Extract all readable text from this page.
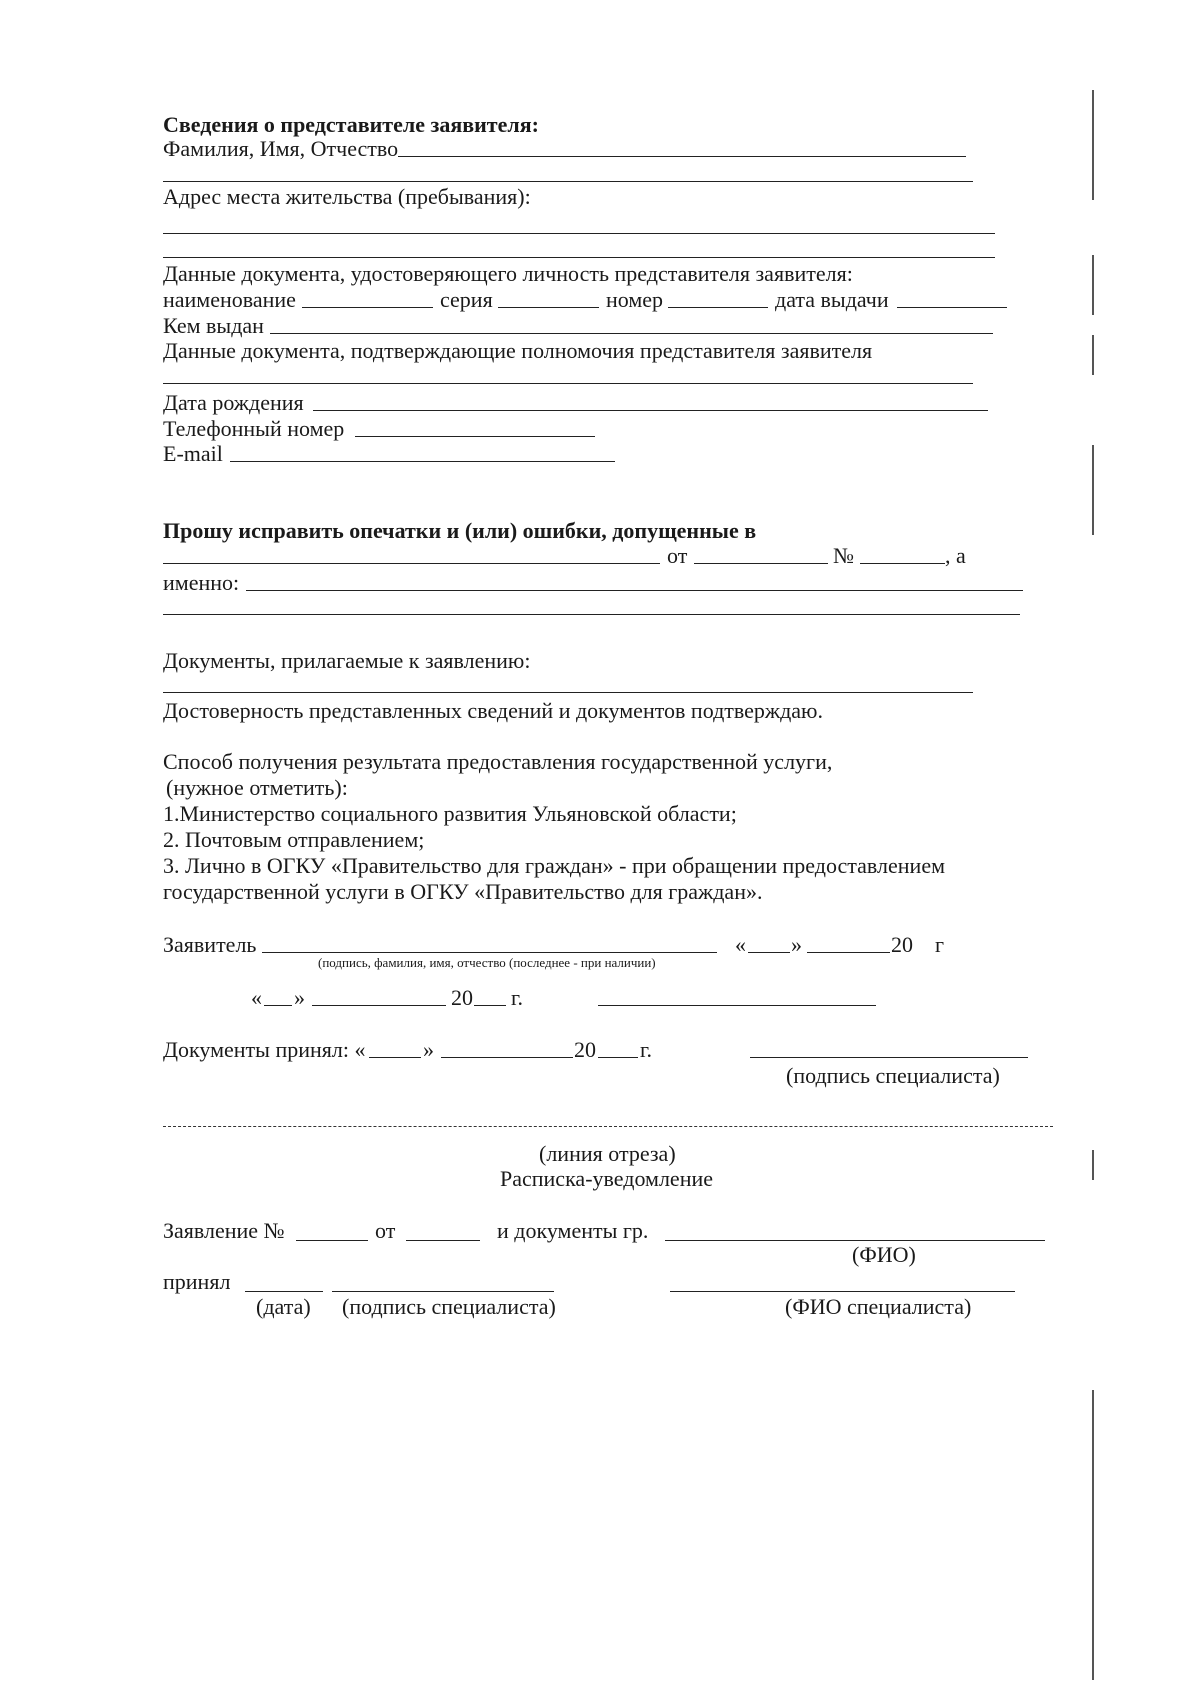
Сведения о представителе заявителя:
Фамилия, Имя, Отчество
Адрес места жительства (пребывания):
Данные документа, удостоверяющего личность представителя заявителя:
наименование	серия	номер	дата выдачи
Кем выдан
Данные документа, подтверждающие полномочия представителя заявителя
Дата рождения
Телефонный номер
E-mail
Прошу исправить опечатки и (или) ошибки, допущенные в
от	№	, а
именно:
Документы, прилагаемые к заявлению:
Достоверность представленных сведений и документов подтверждаю.
Способ получения результата предоставления государственной услуги,
(нужное отметить):
1.Министерство социального развития Ульяновской области;
2. Почтовым отправлением;
3. Лично в ОГКУ «Правительство для граждан» - при обращении предоставлением
государственной услуги в ОГКУ «Правительство для граждан».
Заявитель
(подпись, фамилия, имя, отчество (последнее - при наличии)
« »	20 г
« »	20 г.
Документы принял: «	»	20 г.
(подпись специалиста)
(линия отреза)
Расписка-уведомление
Заявление №	от	и документы гр.
(ФИО)
принял
(дата) (подпись специалиста)	(ФИО специалиста)
